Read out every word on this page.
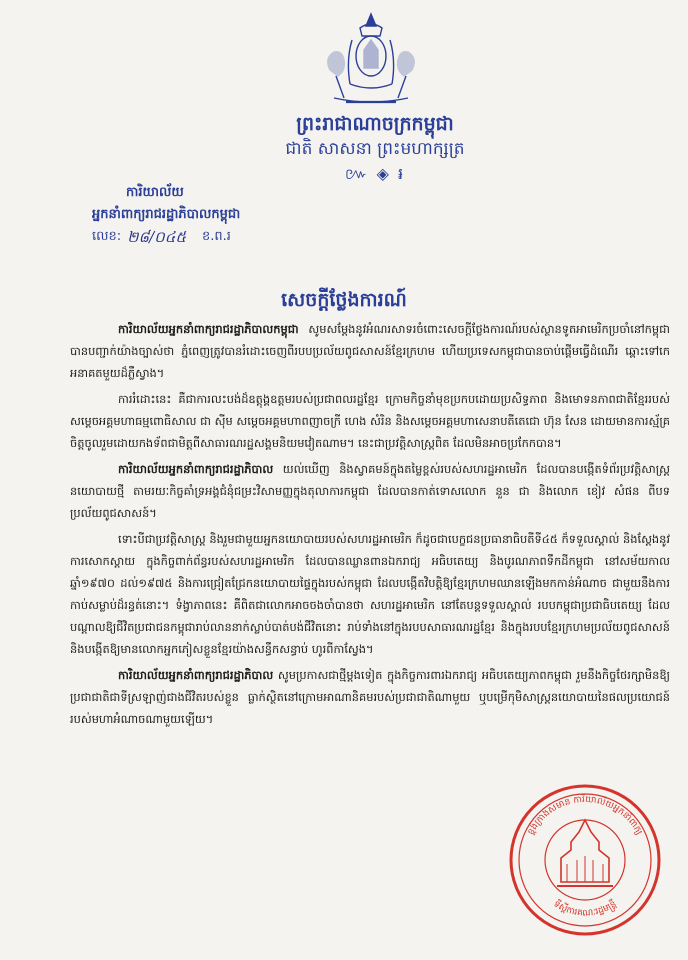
ព្រះរាជាណាចក្រកម្ពុជា
ជាតិ សាសនា ព្រះមហាក្សត្រ
៚ ◈ ៛
ការិយាល័យ
អ្នកនាំពាក្យរាជរដ្ឋាភិបាលកម្ពុជា
លេខ: ២៨/០៤៥ ខ.ព.រ
សេចក្តីថ្លែងការណ៍

ការិយាល័យអ្នកនាំពាក្យរាជរដ្ឋាភិបាលកម្ពុជា សូមសម្តែងនូវអំណរសាទរចំពោះសេចក្តីថ្លែងការណ៍របស់ស្ថានទូតអាមេរិកប្រចាំនៅកម្ពុជា បានបញ្ជាក់យ៉ាងច្បាស់ថា ភ្នំពេញត្រូវបានរំដោះចេញពីរបបប្រល័យពូជសាសន៍ខ្មែរក្រហម ហើយប្រទេសកម្ពុជាបានចាប់ផ្តើមធ្វើដំណើរ ឆ្ពោះទៅកេអនាគតមួយដ៏ភ្លឺស្វាង។

ការរំដោះនេះ គឺជាការលះបង់ដ៏ឧត្តុង្គឧត្តមរបស់ប្រជាពលរដ្ឋខ្មែរ ក្រោមកិច្ចនាំមុខប្រកបដោយប្រសិទ្ធភាព និងមោទនភាពជាតិខ្មែររបស់ សម្តេចអគ្គមហាធម្មពោធិសាល ជា ស៊ីម សម្តេចអគ្គមហាពញាចក្រី ហេង សំរិន និងសម្តេចអគ្គមហាសេនាបតីតេជោ ហ៊ុន សែន ដោយមានការស្ម័គ្រចិត្តចូលរួមដោយកងទ័ពជាមិត្តពីសាធារណរដ្ឋសង្គមនិយមវៀតណាម។ នេះជាប្រវត្តិសាស្ត្រពិត ដែលមិនអាចប្រកែកបាន។

ការិយាល័យអ្នកនាំពាក្យរាជរដ្ឋាភិបាល យល់ឃើញ និងស្វាគមន៍ក្នុងតម្លៃខ្ពស់របស់សហរដ្ឋអាមេរិក ដែលបានបង្កើតទំព័រប្រវត្តិសាស្ត្រនយោបាយថ្មី តាមរយៈកិច្ចគាំទ្រអង្គជំនុំជម្រះវិសាមញ្ញក្នុងតុលាការកម្ពុជា ដែលបានកាត់ទោសលោក នួន ជា និងលោក ខៀវ សំផន ពីបទប្រល័យពូជសាសន៍។

ទោះបីជាប្រវត្តិសាស្ត្រ និងរួមជាមួយអ្នកនយោបាយរបស់សហរដ្ឋអាមេរិក ក៏ដូចជាបេក្ខជនប្រធានាធិបតីទី៤៥ ក៏ទទួលស្គាល់ និងស្តែងនូវការសោកស្តាយ ក្នុងកិច្ចពាក់ព័ន្ធរបស់សហរដ្ឋអាមេរិក ដែលបានឈ្លានពានឯករាជ្យ អធិបតេយ្យ និងបូរណភាពទឹកដីកម្ពុជា នៅសម័យកាលឆ្នាំ១៩៧០ ដល់១៩៧៥ និងការជ្រៀតជ្រែកនយោបាយផ្ទៃក្នុងរបស់កម្ពុជា ដែលបង្កើតវិបត្តិឱ្យខ្មែរក្រហមឈានឡើងមកកាន់អំណាច ជាមួយនឹងការកាប់សម្លាប់ដ៏រន្ធត់នោះ។ ទំង្វាភាពនេះ គឺពិតជាលោកអាចចងចាំបានថា សហរដ្ឋអាមេរិក នៅតែបន្តទទួលស្គាល់ របបកម្ពុជាប្រជាធិបតេយ្យ ដែលបណ្តាលឱ្យជីវិតប្រជាជនកម្ពុជារាប់លាននាក់ស្លាប់បាត់បង់ជីវិតនោះ រាប់ទាំងនៅក្នុងរបបសាធារណរដ្ឋខ្មែរ និងក្នុងរបបខ្មែរក្រហមប្រល័យពូជសាសន៍ និងបង្កើតឱ្យមានលោកអ្នកភៀសខ្លួនខ្មែរយ៉ាងសន្ធឹកសន្ធាប់ ហូរពីកាស្វែង។

ការិយាល័យអ្នកនាំពាក្យរាជរដ្ឋាភិបាល សូមប្រកាសជាថ្មីម្តងទៀត ក្នុងកិច្ចការពារឯករាជ្យ អធិបតេយ្យភាពកម្ពុជា រួមនឹងកិច្ចថែរក្សាមិនឱ្យប្រជាជាតិជាទីស្រឡាញ់ជាងជីវិតរបស់ខ្លួន ធ្លាក់ស្ថិតនៅក្រោមអាណានិគមរបស់ប្រជាជាតិណាមួយ ឬបម្រើកុមិសាស្ត្រនយោបាយនៃផលប្រយោជន៍របស់មហាអំណាចណាមួយឡើយ។

ខ្ពង់ក្រាងសមាន ការិយាល័យអ្នកនាំពាក្យ
ទីស្ដីការគណៈរដ្ឋមន្ត្រី
